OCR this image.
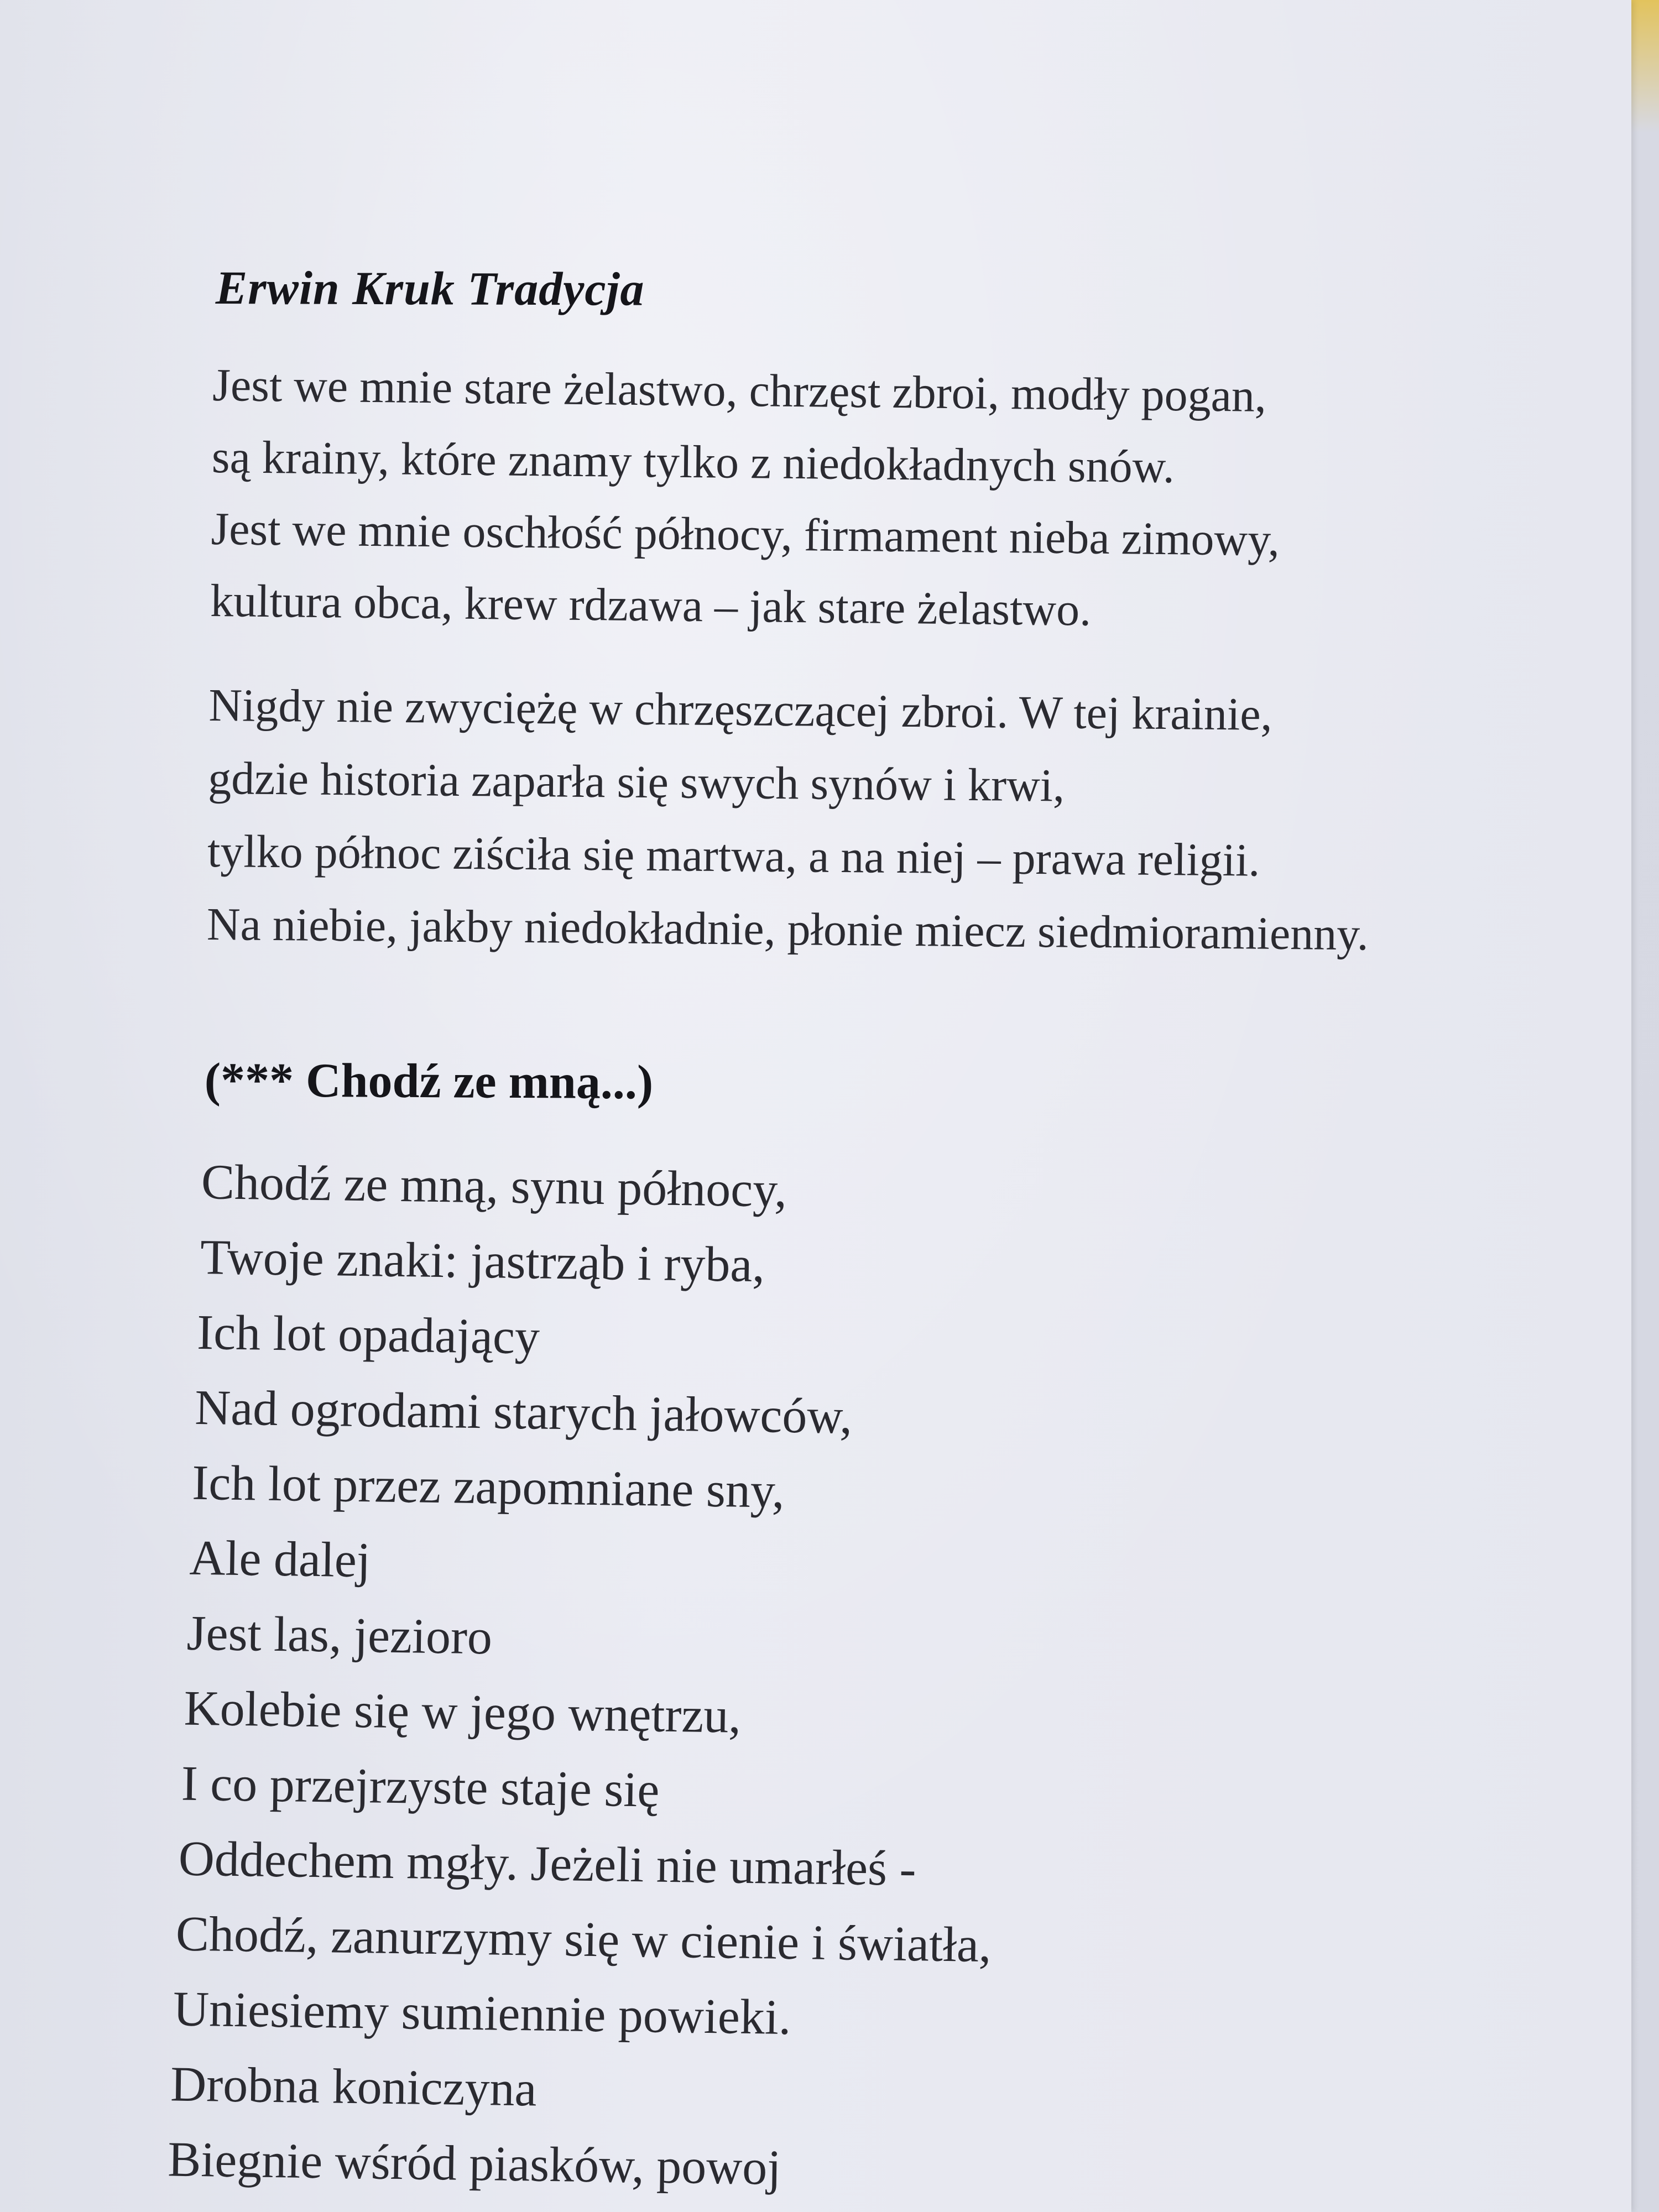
Erwin Kruk Tradycja
Jest we mnie stare żelastwo, chrzęst zbroi, modły pogan,
są krainy, które znamy tylko z niedokładnych snów.
Jest we mnie oschłość północy, firmament nieba zimowy,
kultura obca, krew rdzawa – jak stare żelastwo.
Nigdy nie zwyciężę w chrzęszczącej zbroi. W tej krainie,
gdzie historia zaparła się swych synów i krwi,
tylko północ ziściła się martwa, a na niej – prawa religii.
Na niebie, jakby niedokładnie, płonie miecz siedmioramienny.
(*** Chodź ze mną...)
Chodź ze mną, synu północy,
Twoje znaki: jastrząb i ryba,
Ich lot opadający
Nad ogrodami starych jałowców,
Ich lot przez zapomniane sny,
Ale dalej
Jest las, jezioro
Kolebie się w jego wnętrzu,
I co przejrzyste staje się
Oddechem mgły. Jeżeli nie umarłeś -
Chodź, zanurzymy się w cienie i światła,
Uniesiemy sumiennie powieki.
Drobna koniczyna
Biegnie wśród piasków, powoj
